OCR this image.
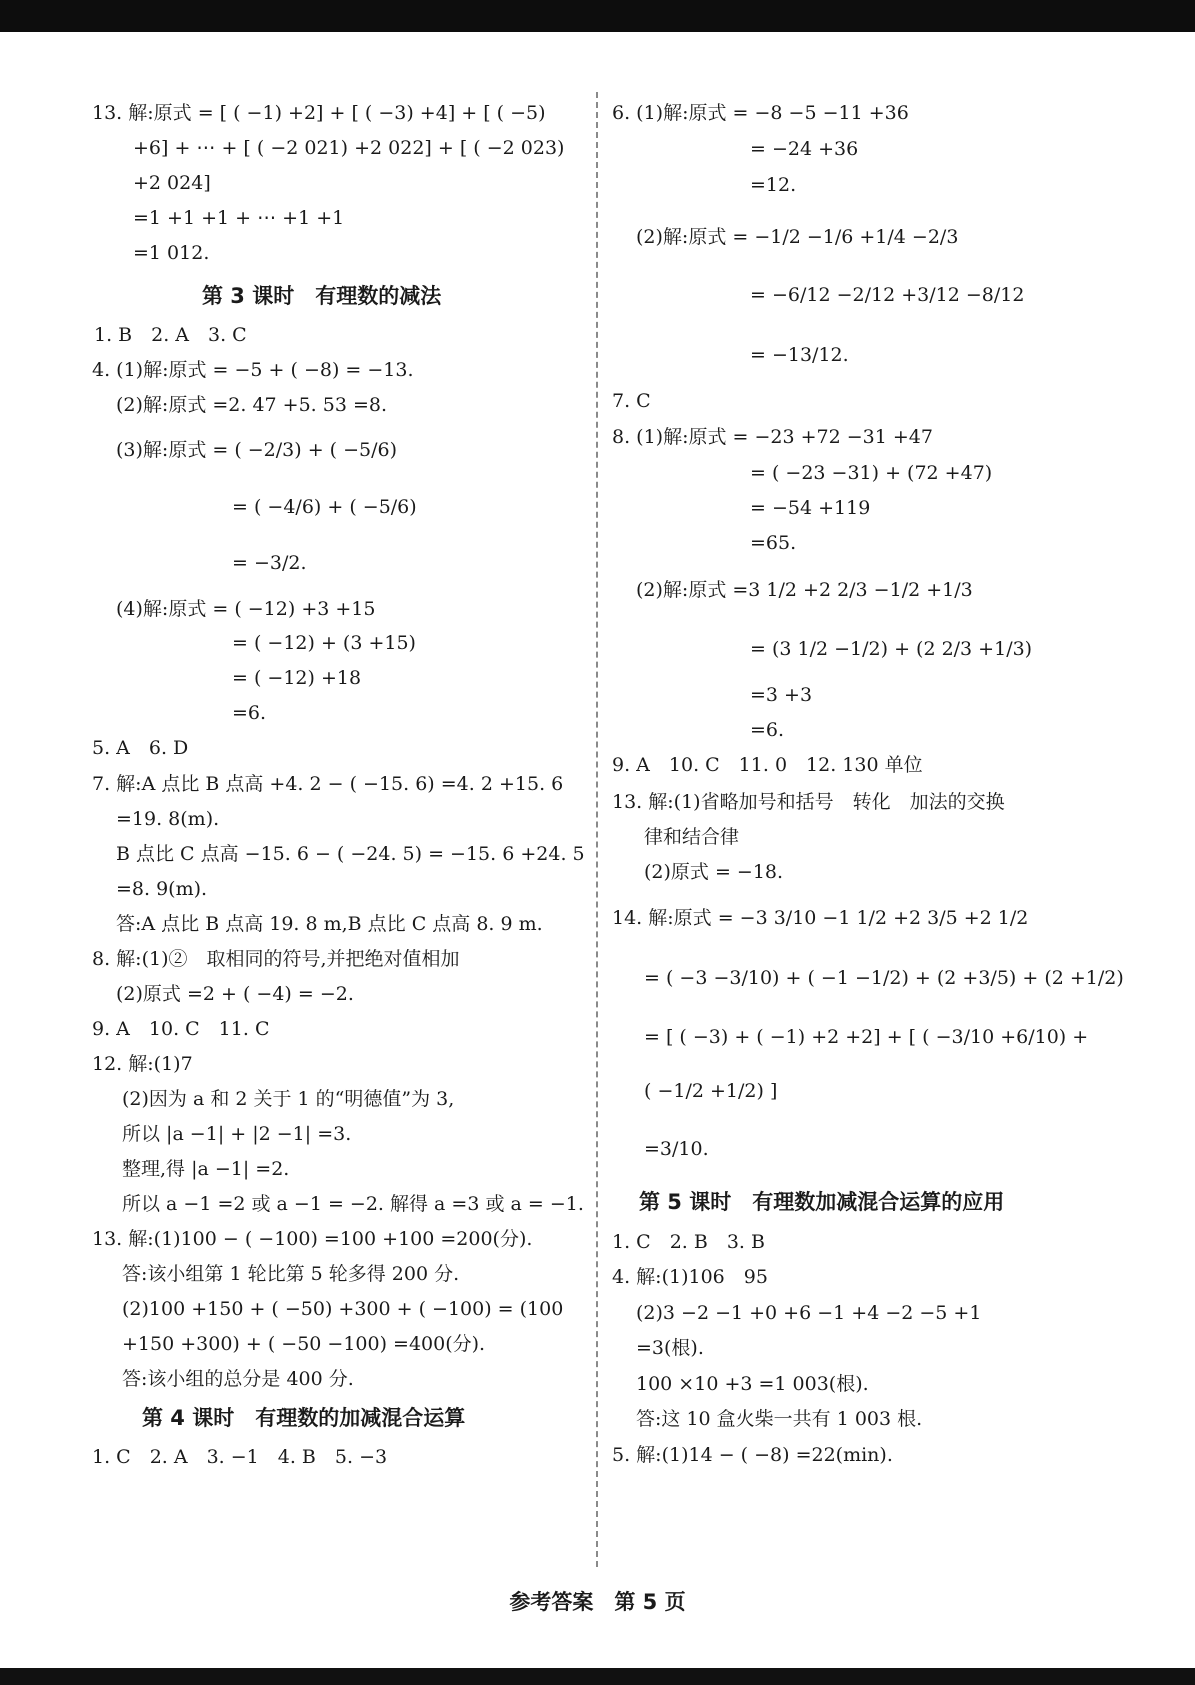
13. 解:原式 = [ ( −1) +2] + [ ( −3) +4] + [ ( −5)
+6] + ⋯ + [ ( −2 021) +2 022] + [ ( −2 023)
+2 024]
=1 +1 +1 + ⋯ +1 +1
=1 012.
第 3 课时　有理数的减法
1. B　2. A　3. C
4. (1)解:原式 = −5 + ( −8) = −13.
(2)解:原式 =2. 47 +5. 53 =8.
(3)解:原式 = ( −2/3) + ( −5/6)
= ( −4/6) + ( −5/6)
= −3/2.
(4)解:原式 = ( −12) +3 +15
= ( −12) + (3 +15)
= ( −12) +18
=6.
5. A　6. D
7. 解:A 点比 B 点高 +4. 2 − ( −15. 6) =4. 2 +15. 6
=19. 8(m).
B 点比 C 点高 −15. 6 − ( −24. 5) = −15. 6 +24. 5
=8. 9(m).
答:A 点比 B 点高 19. 8 m,B 点比 C 点高 8. 9 m.
8. 解:(1)②　取相同的符号,并把绝对值相加
(2)原式 =2 + ( −4) = −2.
9. A　10. C　11. C
12. 解:(1)7
(2)因为 a 和 2 关于 1 的“明德值”为 3,
所以 |a −1| + |2 −1| =3.
整理,得 |a −1| =2.
所以 a −1 =2 或 a −1 = −2. 解得 a =3 或 a = −1.
13. 解:(1)100 − ( −100) =100 +100 =200(分).
答:该小组第 1 轮比第 5 轮多得 200 分.
(2)100 +150 + ( −50) +300 + ( −100) = (100
+150 +300) + ( −50 −100) =400(分).
答:该小组的总分是 400 分.
第 4 课时　有理数的加减混合运算
1. C　2. A　3. −1　4. B　5. −3
6. (1)解:原式 = −8 −5 −11 +36
= −24 +36
=12.
(2)解:原式 = −1/2 −1/6 +1/4 −2/3
= −6/12 −2/12 +3/12 −8/12
= −13/12.
7. C
8. (1)解:原式 = −23 +72 −31 +47
= ( −23 −31) + (72 +47)
= −54 +119
=65.
(2)解:原式 =3 1/2 +2 2/3 −1/2 +1/3
= (3 1/2 −1/2) + (2 2/3 +1/3)
=3 +3
=6.
9. A　10. C　11. 0　12. 130 单位
13. 解:(1)省略加号和括号　转化　加法的交换
律和结合律
(2)原式 = −18.
14. 解:原式 = −3 3/10 −1 1/2 +2 3/5 +2 1/2
= ( −3 −3/10) + ( −1 −1/2) + (2 +3/5) + (2 +1/2)
= [ ( −3) + ( −1) +2 +2] + [ ( −3/10 +6/10) +
( −1/2 +1/2) ]
=3/10.
第 5 课时　有理数加减混合运算的应用
1. C　2. B　3. B
4. 解:(1)106　95
(2)3 −2 −1 +0 +6 −1 +4 −2 −5 +1
=3(根).
100 ×10 +3 =1 003(根).
答:这 10 盒火柴一共有 1 003 根.
5. 解:(1)14 − ( −8) =22(min).
参考答案　第 5 页
